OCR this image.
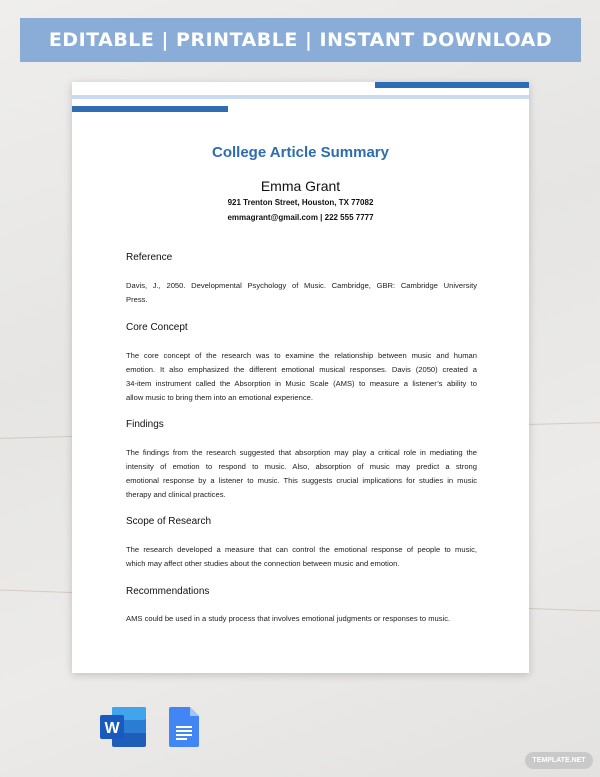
EDITABLE | PRINTABLE | INSTANT DOWNLOAD
College Article Summary
Emma Grant
921 Trenton Street, Houston, TX 77082
emmagrant@gmail.com | 222 555 7777
Reference
Davis, J., 2050. Developmental Psychology of Music. Cambridge, GBR: Cambridge University
Press.
Core Concept
The core concept of the research was to examine the relationship between music and human
emotion. It also emphasized the different emotional musical responses. Davis (2050) created a
34-item instrument called the Absorption in Music Scale (AMS) to measure a listener’s ability to
allow music to bring them into an emotional experience.
Findings
The findings from the research suggested that absorption may play a critical role in mediating the
intensity of emotion to respond to music. Also, absorption of music may predict a strong
emotional response by a listener to music. This suggests crucial implications for studies in music
therapy and clinical practices.
Scope of Research
The research developed a measure that can control the emotional response of people to music,
which may affect other studies about the connection between music and emotion.
Recommendations
AMS could be used in a study process that involves emotional judgments or responses to music.
W
TEMPLATE.NET
